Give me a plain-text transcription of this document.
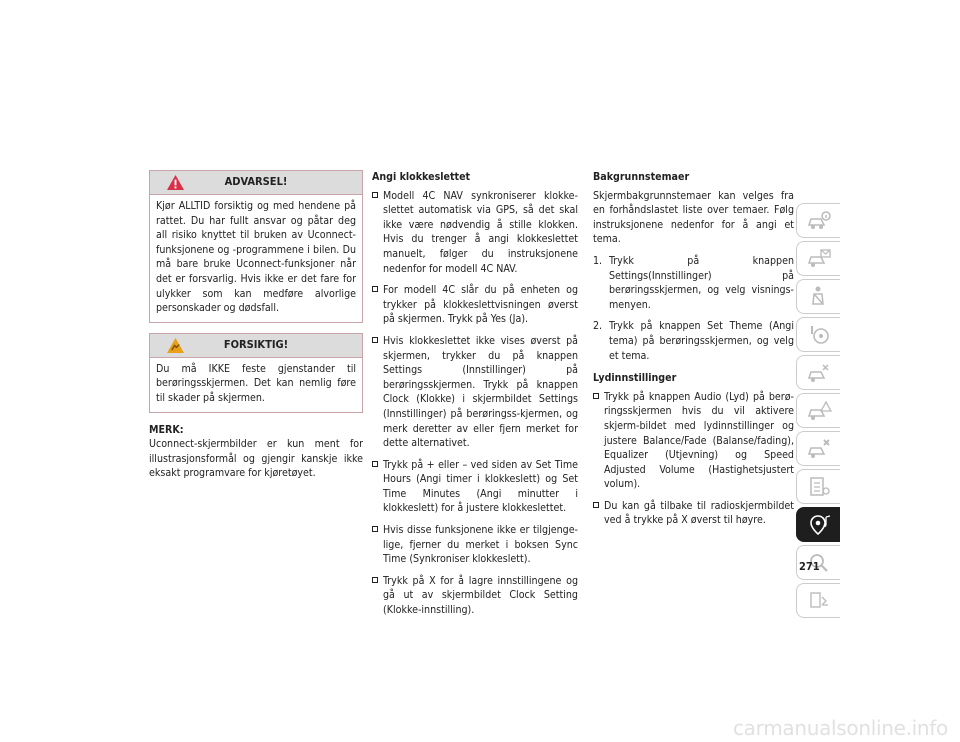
ADVARSEL!
Kjør ALLTID forsiktig og med hendene på rattet. Du har fullt ansvar og påtar deg all risiko knyttet til bruken av Uconnect-funksjonene og -programmene i bilen. Du må bare bruke Uconnect-funksjoner når det er forsvarlig. Hvis ikke er det fare for ulykker som kan medføre alvorlige personskader og dødsfall.
FORSIKTIG!
Du må IKKE feste gjenstander til berøringsskjermen. Det kan nemlig føre til skader på skjermen.
MERK:
Uconnect-skjermbilder er kun ment for illustrasjonsformål og gjengir kanskje ikke eksakt programvare for kjøretøyet.
Angi klokkeslettet
Modell 4C NAV synkroniserer klokke-slettet automatisk via GPS, så det skal ikke være nødvendig å stille klokken. Hvis du trenger å angi klokkeslettet manuelt, følger du instruksjonene nedenfor for modell 4C NAV.
For modell 4C slår du på enheten og trykker på klokkeslettvisningen øverst på skjermen. Trykk på Yes (Ja).
Hvis klokkeslettet ikke vises øverst på skjermen, trykker du på knappen Settings (Innstillinger) på berøringsskjermen. Trykk på knappen Clock (Klokke) i skjermbildet Settings (Innstillinger) på berøringss-kjermen, og merk deretter av eller fjern merket for dette alternativet.
Trykk på + eller – ved siden av Set Time Hours (Angi timer i klokkeslett) og Set Time Minutes (Angi minutter i klokkeslett) for å justere klokkeslettet.
Hvis disse funksjonene ikke er tilgjenge-lige, fjerner du merket i boksen Sync Time (Synkroniser klokkeslett).
Trykk på X for å lagre innstillingene og gå ut av skjermbildet Clock Setting (Klokke-innstilling).
Bakgrunnstemaer

Skjermbakgrunnstemaer kan velges fra en forhåndslastet liste over temaer. Følg instruksjonene nedenfor for å angi et tema.

1. Trykk på knappen Settings(Innstillinger) på berøringsskjermen, og velg visnings-menyen.
2. Trykk på knappen Set Theme (Angi tema) på berøringsskjermen, og velg et tema.
Lydinnstillinger
Trykk på knappen Audio (Lyd) på berø-ringsskjermen hvis du vil aktivere skjerm-bildet med lydinnstillinger og justere Balance/Fade (Balanse/fading), Equalizer (Utjevning) og Speed Adjusted Volume (Hastighetsjustert volum).
Du kan gå tilbake til radioskjermbildet ved å trykke på X øverst til høyre.
271
carmanualsonline.info
